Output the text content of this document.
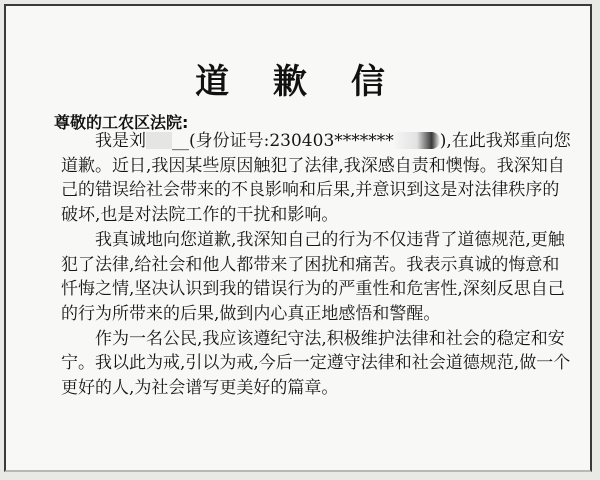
道 歉 信
尊敬的工农区法院:

我是刘 __(身份证号:230403*******	),在此我郑重向您道歉。近日,我因某些原因触犯了法律,我深感自责和懊悔。我深知自己的错误给社会带来的不良影响和后果,并意识到这是对法律秩序的破坏,也是对法院工作的干扰和影响。

我真诚地向您道歉,我深知自己的行为不仅违背了道德规范,更触犯了法律,给社会和他人都带来了困扰和痛苦。我表示真诚的悔意和忏悔之情,坚决认识到我的错误行为的严重性和危害性,深刻反思自己的行为所带来的后果,做到内心真正地感悟和警醒。

作为一名公民,我应该遵纪守法,积极维护法律和社会的稳定和安宁。我以此为戒,引以为戒,今后一定遵守法律和社会道德规范,做一个更好的人,为社会谱写更美好的篇章。
